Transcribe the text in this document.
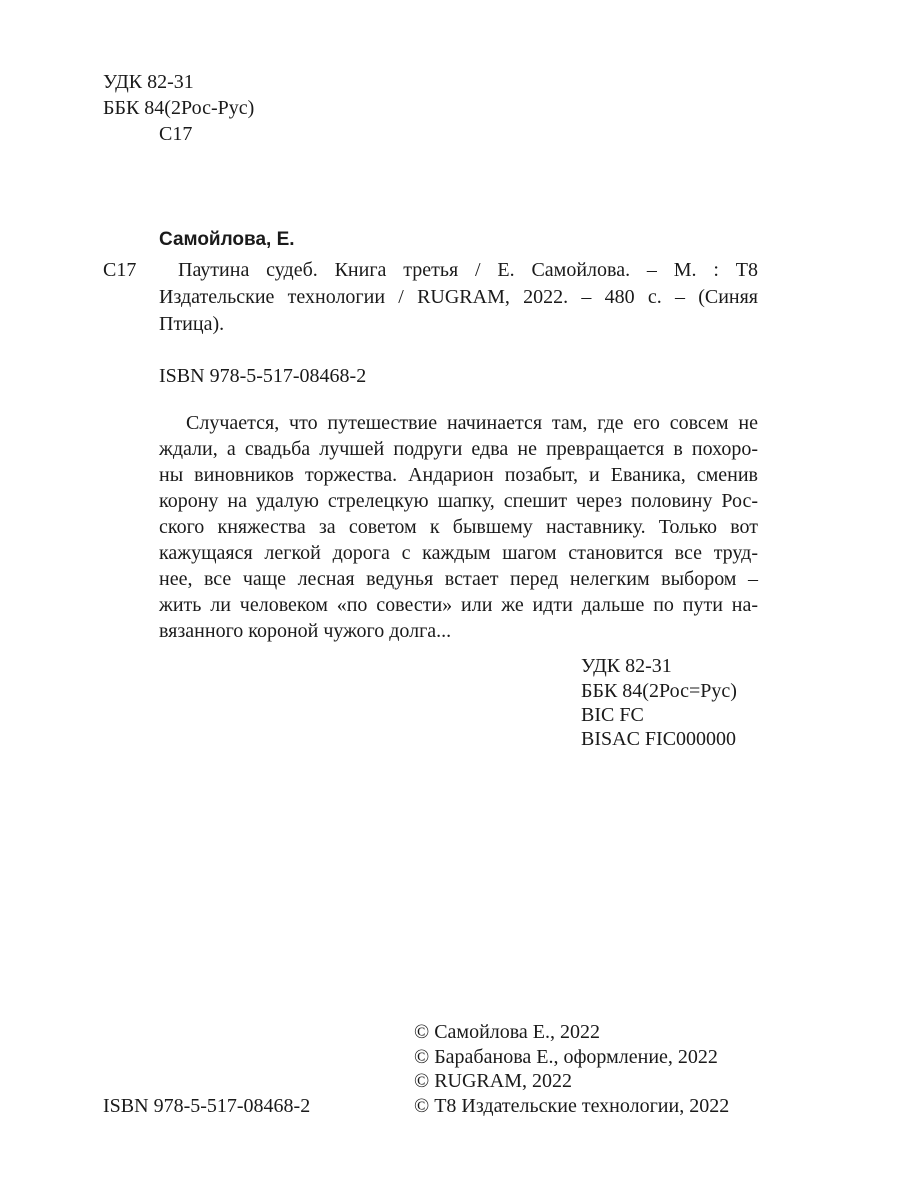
УДК 82-31
ББК 84(2Рос-Рус)
С17
Самойлова, Е.
С17 Паутина судеб. Книга третья / Е. Самойлова. – М. : Т8
Издательские технологии / RUGRAM, 2022. – 480 с. – (Синяя
Птица).
ISBN 978-5-517-08468-2
Случается, что путешествие начинается там, где его совсем не
ждали, а свадьба лучшей подруги едва не превращается в похоро-
ны виновников торжества. Андарион позабыт, и Еваника, сменив
корону на удалую стрелецкую шапку, спешит через половину Рос-
ского княжества за советом к бывшему наставнику. Только вот
кажущаяся легкой дорога с каждым шагом становится все труд-
нее, все чаще лесная ведунья встает перед нелегким выбором –
жить ли человеком «по совести» или же идти дальше по пути на-
вязанного короной чужого долга...
УДК 82-31
ББК 84(2Рос=Рус)
BIC FC
BISAC FIC000000
ISBN 978-5-517-08468-2
© Самойлова Е., 2022
© Барабанова Е., оформление, 2022
© RUGRAM, 2022
© Т8 Издательские технологии, 2022
